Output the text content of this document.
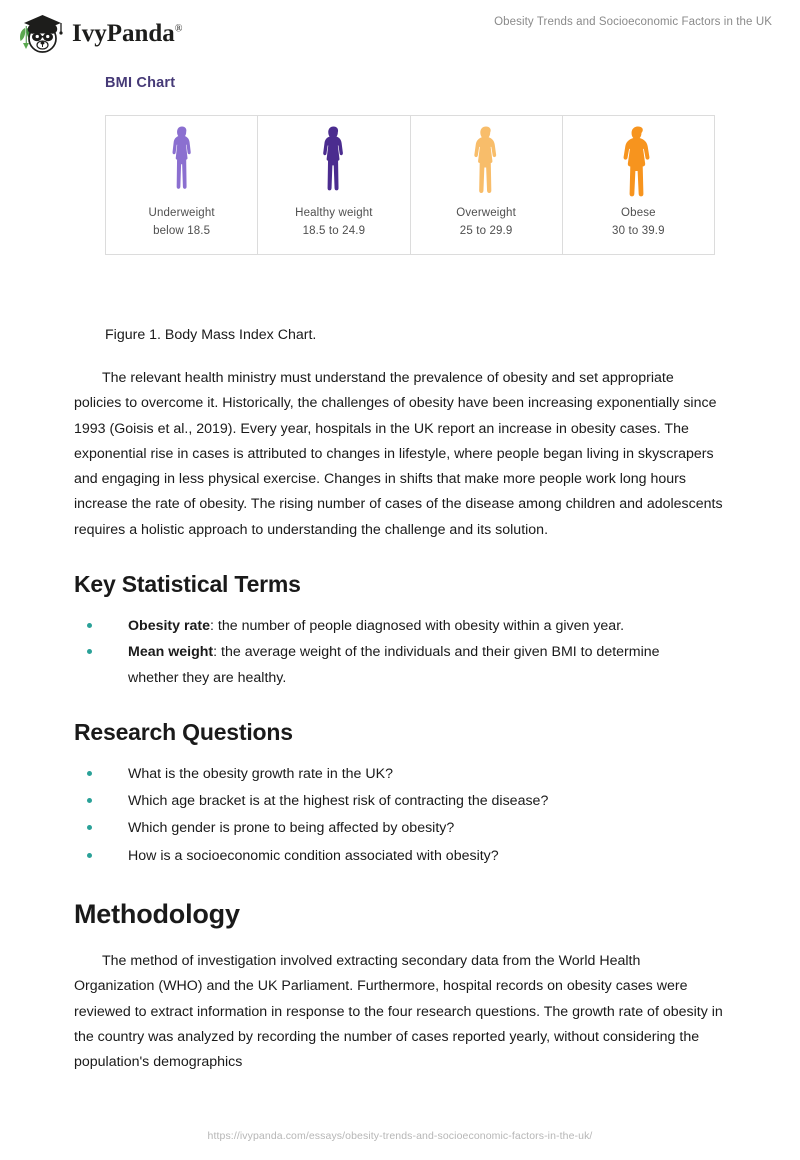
IvyPanda®
Obesity Trends and Socioeconomic Factors in the UK
BMI Chart
Underweight
below 18.5
Healthy weight
18.5 to 24.9
Overweight
25 to 29.9
Obese
30 to 39.9
Figure 1. Body Mass Index Chart.

The relevant health ministry must understand the prevalence of obesity and set appropriate policies to overcome it. Historically, the challenges of obesity have been increasing exponentially since 1993 (Goisis et al., 2019). Every year, hospitals in the UK report an increase in obesity cases. The exponential rise in cases is attributed to changes in lifestyle, where people began living in skyscrapers and engaging in less physical exercise. Changes in shifts that make more people work long hours increase the rate of obesity. The rising number of cases of the disease among children and adolescents requires a holistic approach to understanding the challenge and its solution.

Key Statistical Terms
Obesity rate: the number of people diagnosed with obesity within a given year.
Mean weight: the average weight of the individuals and their given BMI to determine whether they are healthy.
Research Questions
What is the obesity growth rate in the UK?
Which age bracket is at the highest risk of contracting the disease?
Which gender is prone to being affected by obesity?
How is a socioeconomic condition associated with obesity?
Methodology

The method of investigation involved extracting secondary data from the World Health Organization (WHO) and the UK Parliament. Furthermore, hospital records on obesity cases were reviewed to extract information in response to the four research questions. The growth rate of obesity in the country was analyzed by recording the number of cases reported yearly, without considering the population's demographics

https://ivypanda.com/essays/obesity-trends-and-socioeconomic-factors-in-the-uk/
